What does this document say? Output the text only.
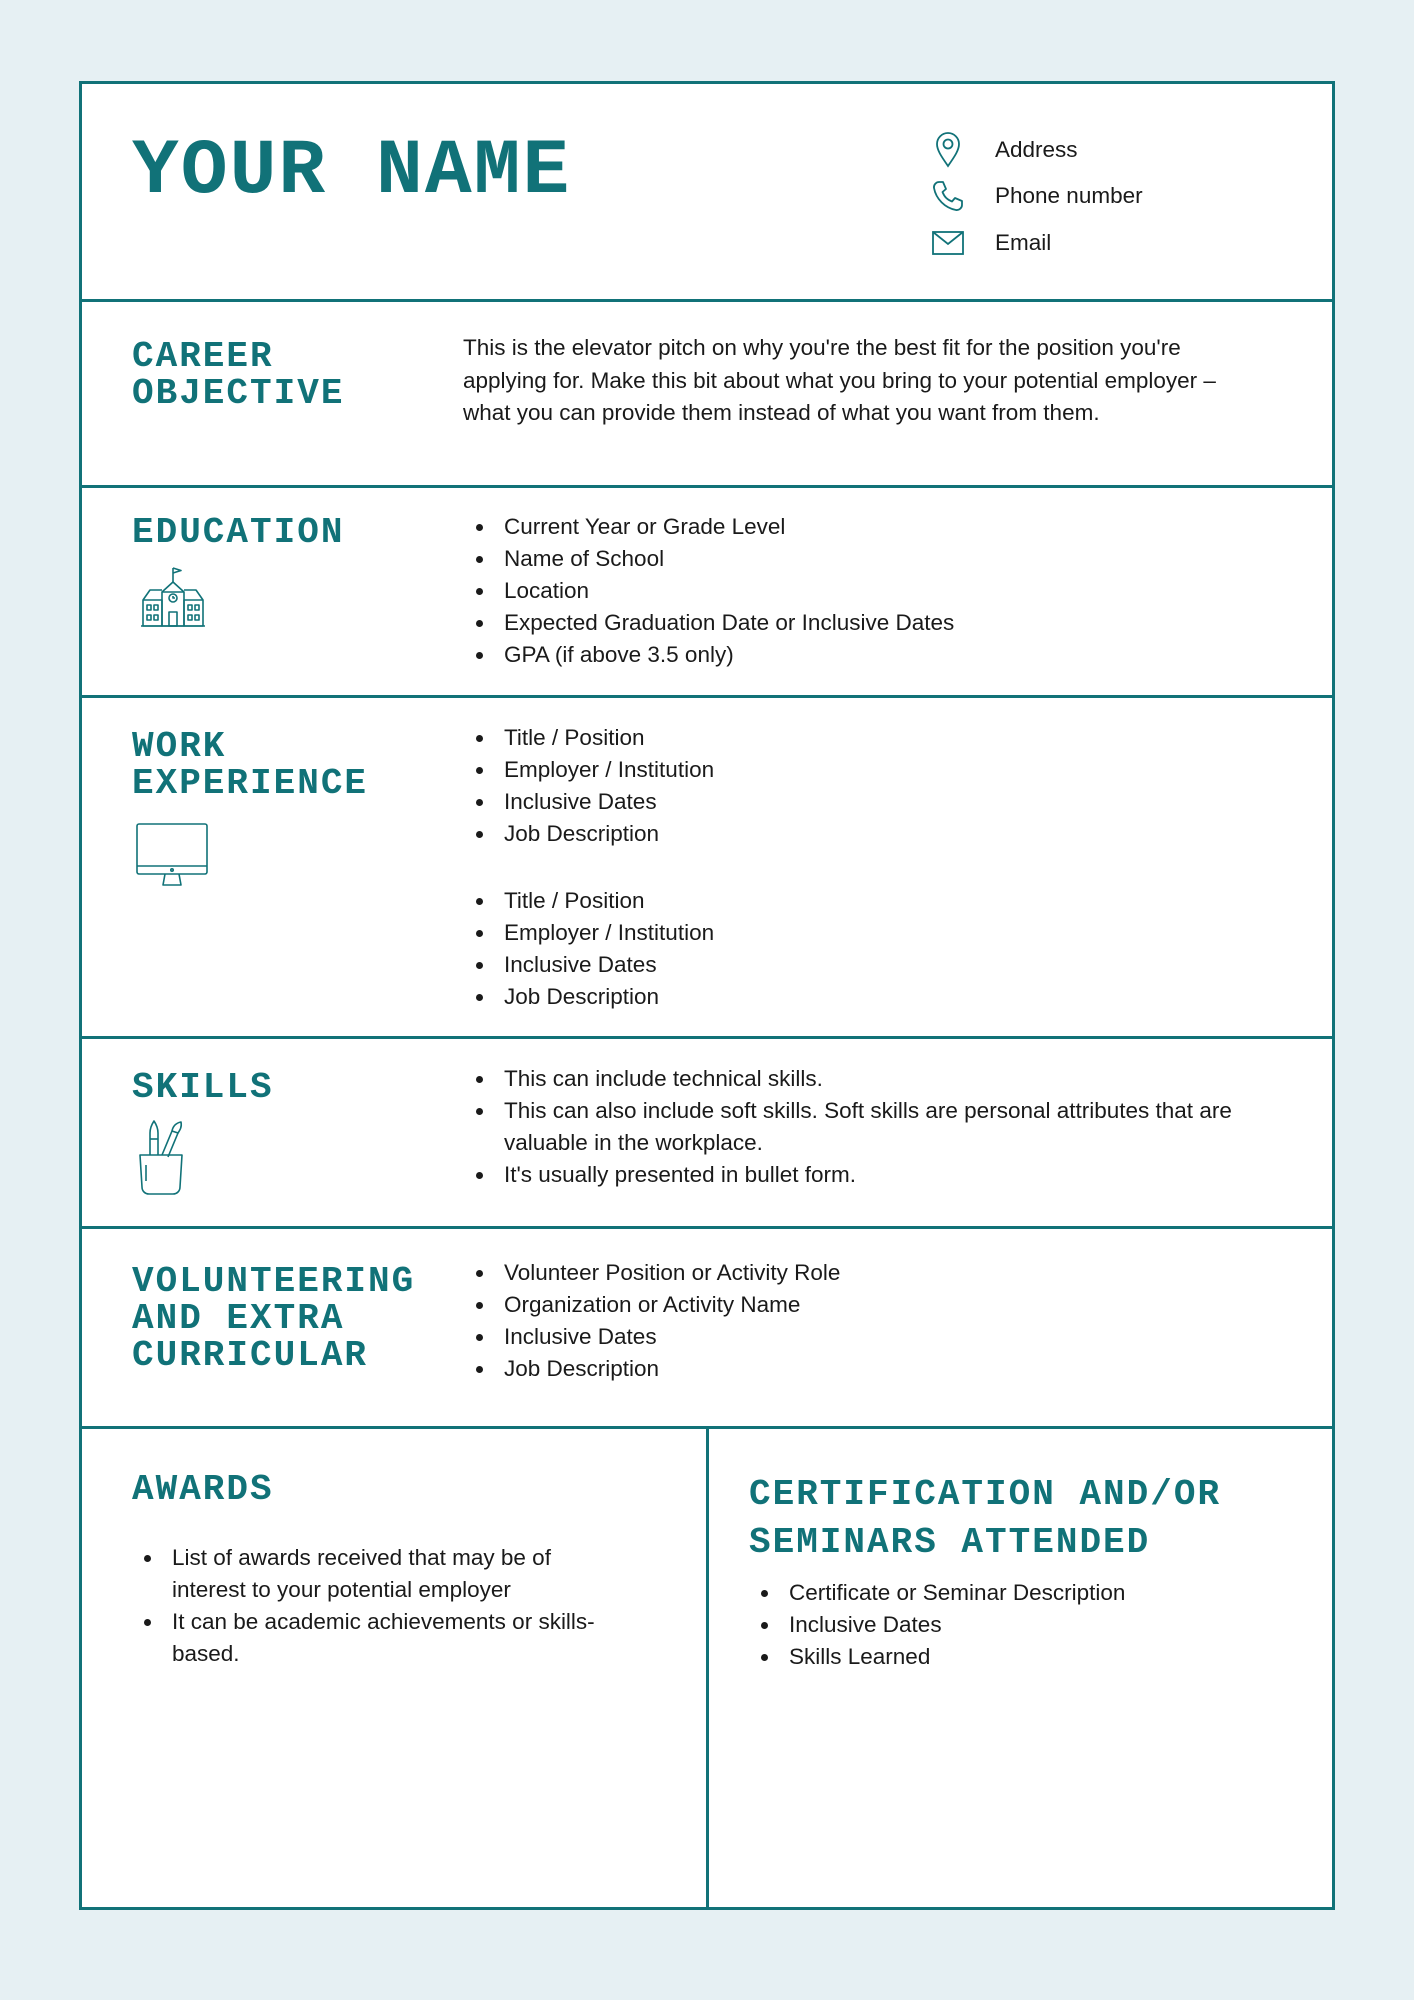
YOUR NAME	Address
Phone number
Email
CAREER
OBJECTIVE
This is the elevator pitch on why you're the best fit for the position you're applying for. Make this bit about what you bring to your potential employer – what you can provide them instead of what you want from them.
EDUCATION	Current Year or Grade Level
Name of School
Location
Expected Graduation Date or Inclusive Dates
GPA (if above 3.5 only)
WORK
EXPERIENCE
Title / Position
Employer / Institution
Inclusive Dates
Job Description
Title / Position
Employer / Institution
Inclusive Dates
Job Description
SKILLS	This can include technical skills.
This can also include soft skills. Soft skills are personal attributes that are valuable in the workplace.
It's usually presented in bullet form.
VOLUNTEERING
AND EXTRA
CURRICULAR
Volunteer Position or Activity Role
Organization or Activity Name
Inclusive Dates
Job Description
AWARDS
List of awards received that may be of interest to your potential employer
It can be academic achievements or skills-based.
CERTIFICATION AND/OR
SEMINARS ATTENDED
Certificate or Seminar Description
Inclusive Dates
Skills Learned
